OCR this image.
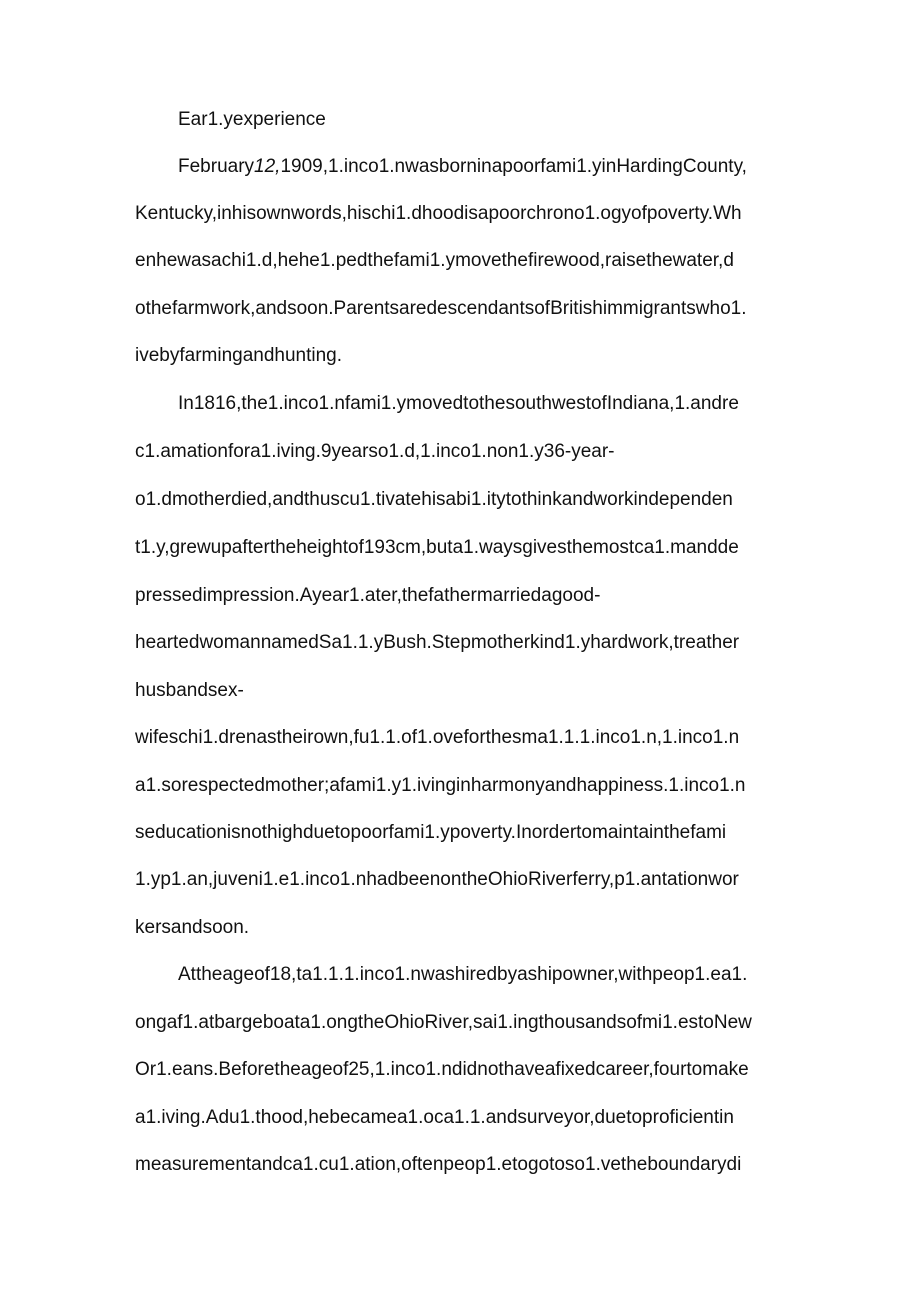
Ear1.yexperience
February12,1909,1.inco1.nwasborninapoorfami1.yinHardingCounty,
Kentucky,inhisownwords,hischi1.dhoodisapoorchrono1.ogyofpoverty.Wh
enhewasachi1.d,hehe1.pedthefami1.ymovethefirewood,raisethewater,d
othefarmwork,andsoon.ParentsaredescendantsofBritishimmigrantswho1.
ivebyfarmingandhunting.
In1816,the1.inco1.nfami1.ymovedtothesouthwestofIndiana,1.andre
c1.amationfora1.iving.9yearso1.d,1.inco1.non1.y36-year-
o1.dmotherdied,andthuscu1.tivatehisabi1.itytothinkandworkindependen
t1.y,grewupaftertheheightof193cm,buta1.waysgivesthemostca1.mandde
pressedimpression.Ayear1.ater,thefathermarriedagood-
heartedwomannamedSa1.1.yBush.Stepmotherkind1.yhardwork,treather
husbandsex-
wifeschi1.drenastheirown,fu1.1.of1.oveforthesma1.1.1.inco1.n,1.inco1.n
a1.sorespectedmother;afami1.y1.ivinginharmonyandhappiness.1.inco1.n
seducationisnothighduetopoorfami1.ypoverty.Inordertomaintainthefami
1.yp1.an,juveni1.e1.inco1.nhadbeenontheOhioRiverferry,p1.antationwor
kersandsoon.
Attheageof18,ta1.1.1.inco1.nwashiredbyashipowner,withpeop1.ea1.
ongaf1.atbargeboata1.ongtheOhioRiver,sai1.ingthousandsofmi1.estoNew
Or1.eans.Beforetheageof25,1.inco1.ndidnothaveafixedcareer,fourtomake
a1.iving.Adu1.thood,hebecamea1.oca1.1.andsurveyor,duetoproficientin
measurementandca1.cu1.ation,oftenpeop1.etogotoso1.vetheboundarydi
